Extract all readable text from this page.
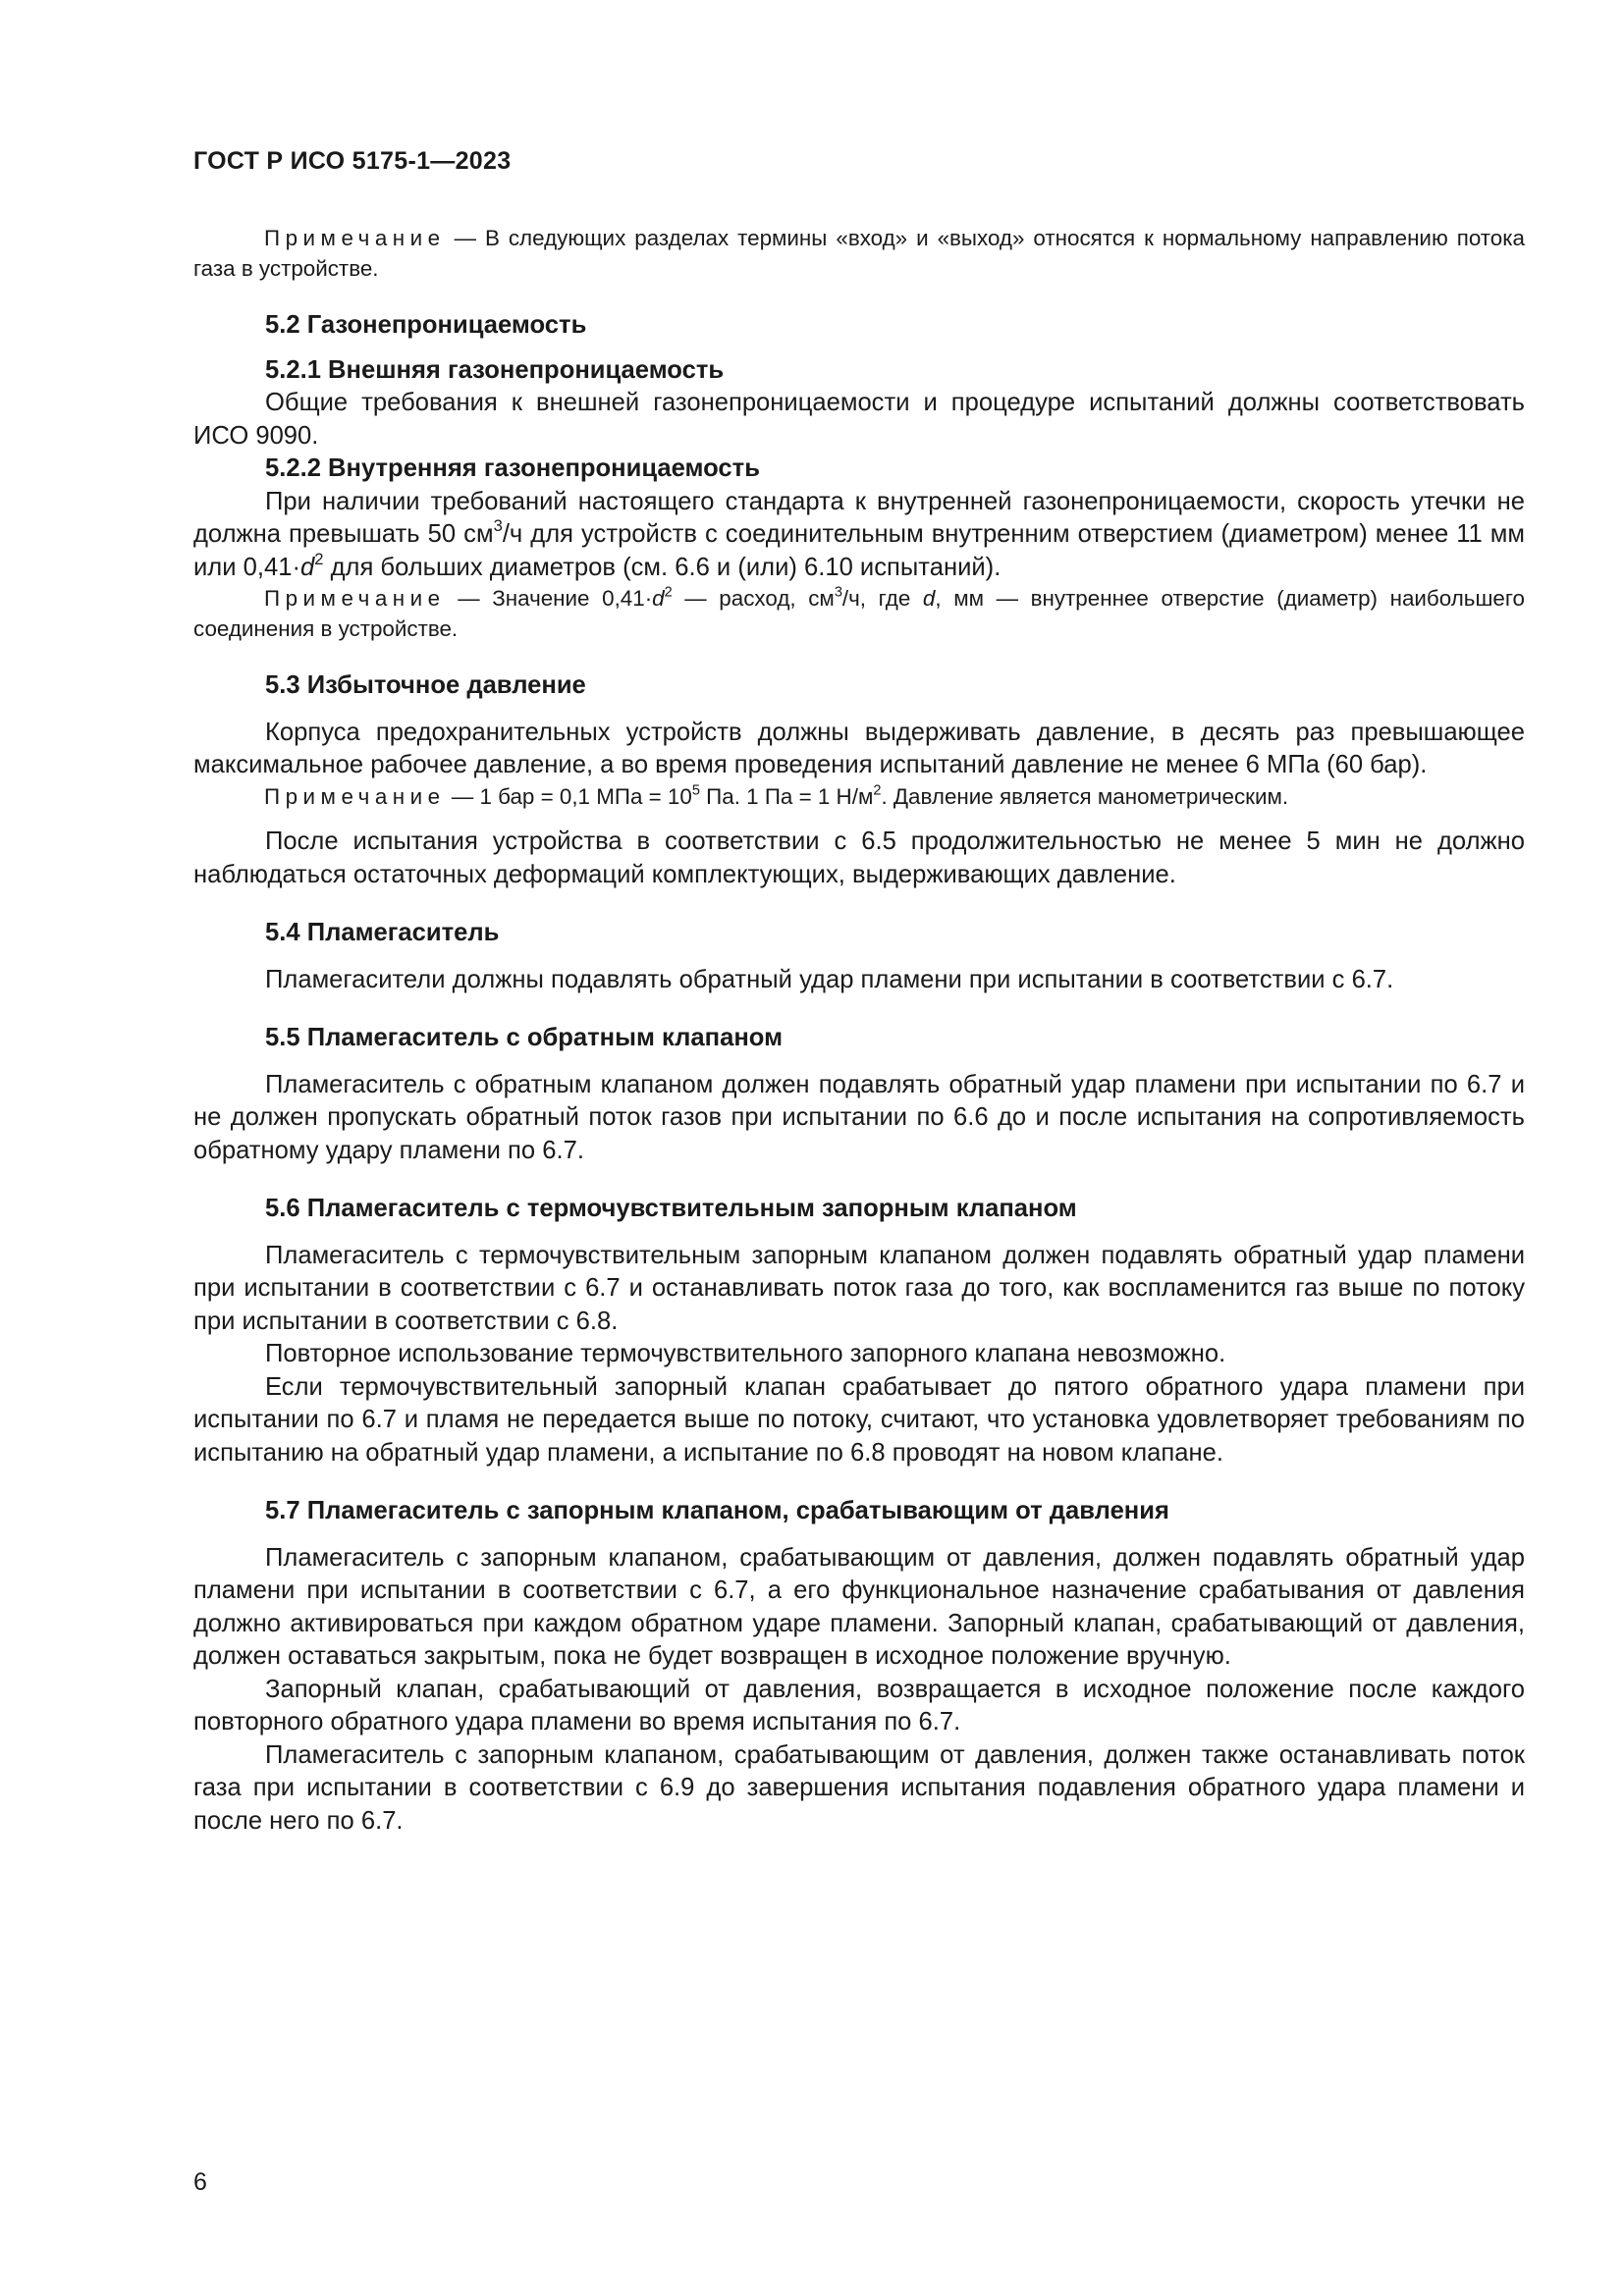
ГОСТ Р ИСО 5175-1—2023

Примечание — В следующих разделах термины «вход» и «выход» относятся к нормальному направлению потока газа в устройстве.

5.2 Газонепроницаемость
5.2.1 Внешняя газонепроницаемость

Общие требования к внешней газонепроницаемости и процедуре испытаний должны соответствовать ИСО 9090.

5.2.2 Внутренняя газонепроницаемость

При наличии требований настоящего стандарта к внутренней газонепроницаемости, скорость утечки не должна превышать 50 $см^3/ч$ для устройств с соединительным внутренним отверстием (диаметром) менее 11 мм или $0,41\cdot d^2$ для больших диаметров (см. 6.6 и (или) 6.10 испытаний).

Примечание — Значение $0,41\cdot d^2$ — расход, $см^3/ч$, где d, мм — внутреннее отверстие (диаметр) наибольшего соединения в устройстве.

5.3 Избыточное давление

Корпуса предохранительных устройств должны выдерживать давление, в десять раз превышающее максимальное рабочее давление, а во время проведения испытаний давление не менее 6 МПа (60 бар).

Примечание — 1 бар = 0,1 МПа = $10^5$ Па. 1 Па = 1 $Н/м^2$. Давление является манометрическим.

После испытания устройства в соответствии с 6.5 продолжительностью не менее 5 мин не должно наблюдаться остаточных деформаций комплектующих, выдерживающих давление.

5.4 Пламегаситель

Пламегасители должны подавлять обратный удар пламени при испытании в соответствии с 6.7.

5.5 Пламегаситель с обратным клапаном

Пламегаситель с обратным клапаном должен подавлять обратный удар пламени при испытании по 6.7 и не должен пропускать обратный поток газов при испытании по 6.6 до и после испытания на сопротивляемость обратному удару пламени по 6.7.

5.6 Пламегаситель с термочувствительным запорным клапаном

Пламегаситель с термочувствительным запорным клапаном должен подавлять обратный удар пламени при испытании в соответствии с 6.7 и останавливать поток газа до того, как воспламенится газ выше по потоку при испытании в соответствии с 6.8.

Повторное использование термочувствительного запорного клапана невозможно.

Если термочувствительный запорный клапан срабатывает до пятого обратного удара пламени при испытании по 6.7 и пламя не передается выше по потоку, считают, что установка удовлетворяет требованиям по испытанию на обратный удар пламени, а испытание по 6.8 проводят на новом клапане.

5.7 Пламегаситель с запорным клапаном, срабатывающим от давления

Пламегаситель с запорным клапаном, срабатывающим от давления, должен подавлять обратный удар пламени при испытании в соответствии с 6.7, а его функциональное назначение срабатывания от давления должно активироваться при каждом обратном ударе пламени. Запорный клапан, срабатывающий от давления, должен оставаться закрытым, пока не будет возвращен в исходное положение вручную.

Запорный клапан, срабатывающий от давления, возвращается в исходное положение после каждого повторного обратного удара пламени во время испытания по 6.7.

Пламегаситель с запорным клапаном, срабатывающим от давления, должен также останавливать поток газа при испытании в соответствии с 6.9 до завершения испытания подавления обратного удара пламени и после него по 6.7.

6
